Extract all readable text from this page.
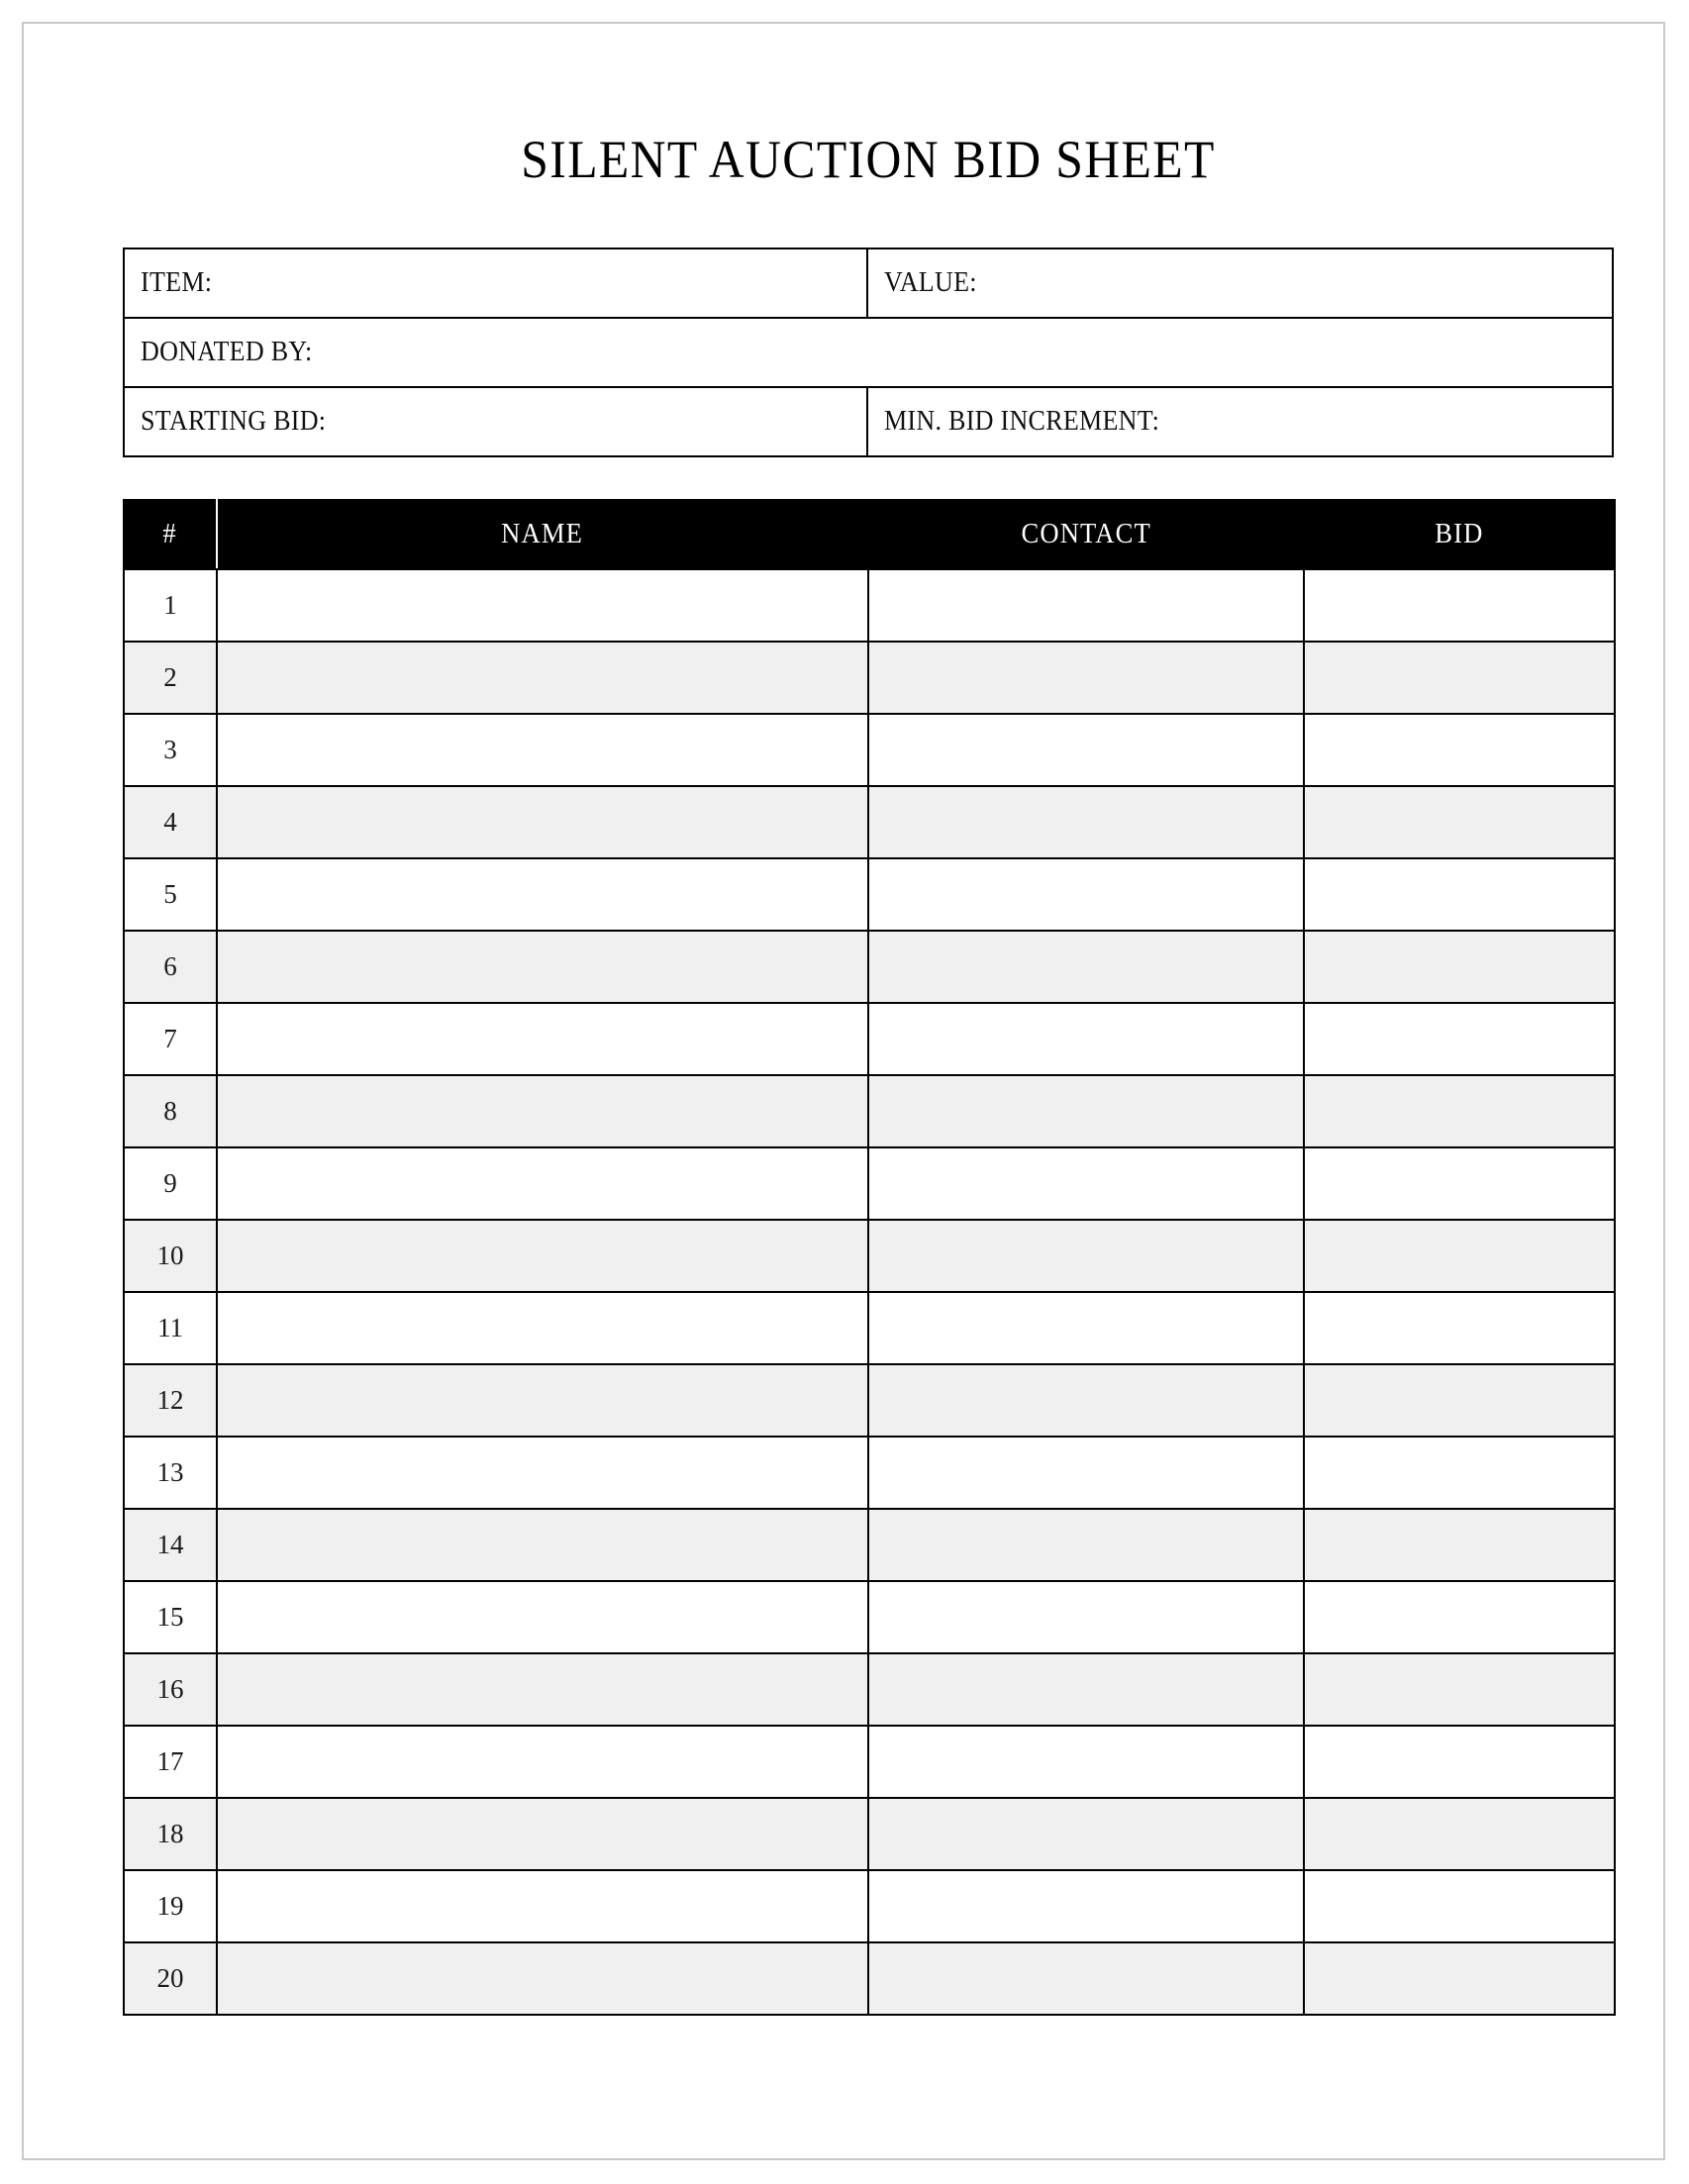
SILENT AUCTION BID SHEET
ITEM:	VALUE:
DONATED BY:
STARTING BID:	MIN. BID INCREMENT:
#	NAME	CONTACT	BID
1			
2			
3			
4			
5			
6			
7			
8			
9			
10			
11			
12			
13			
14			
15			
16			
17			
18			
19			
20			
